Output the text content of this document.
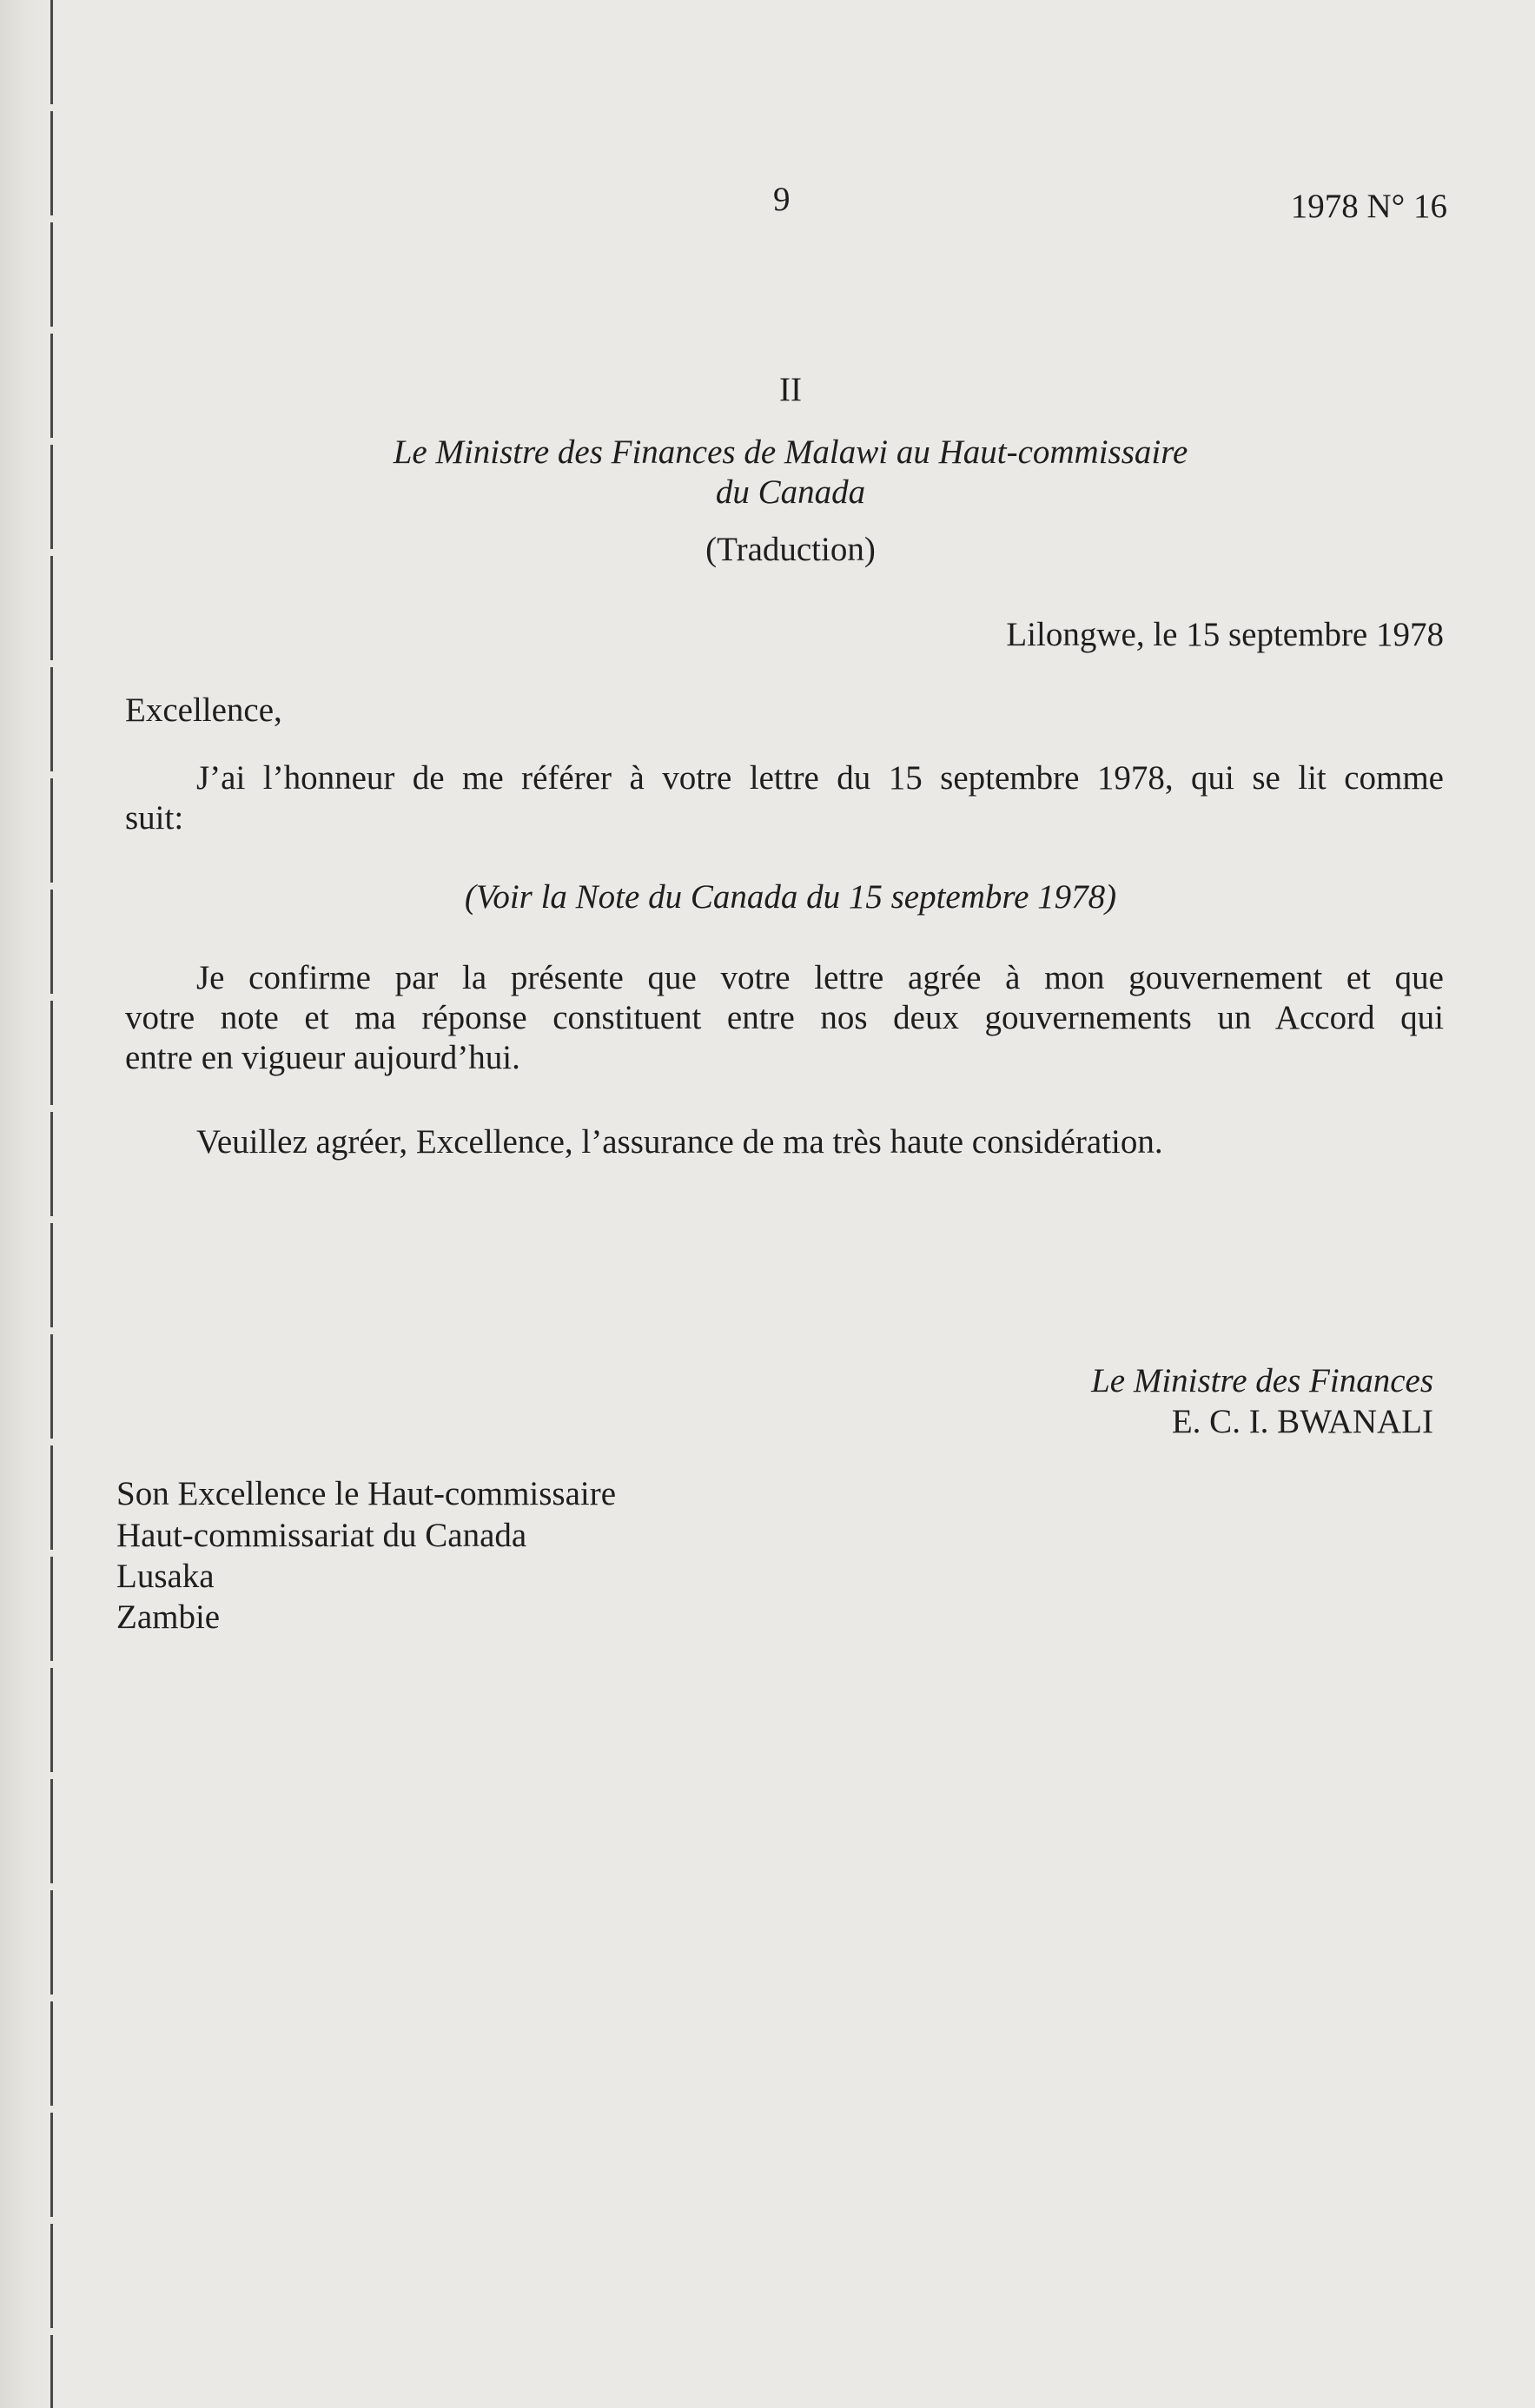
9	1978 N° 16
II
Le Ministre des Finances de Malawi au Haut-commissaire
du Canada
(Traduction)
Lilongwe, le 15 septembre 1978
Excellence,
J’ai l’honneur de me référer à votre lettre du 15 septembre 1978, qui se lit comme
suit:
(Voir la Note du Canada du 15 septembre 1978)
Je confirme par la présente que votre lettre agrée à mon gouvernement et que
votre note et ma réponse constituent entre nos deux gouvernements un Accord qui
entre en vigueur aujourd’hui.
Veuillez agréer, Excellence, l’assurance de ma très haute considération.
Le Ministre des Finances
E. C. I. BWANALI
Son Excellence le Haut-commissaire
Haut-commissariat du Canada
Lusaka
Zambie
